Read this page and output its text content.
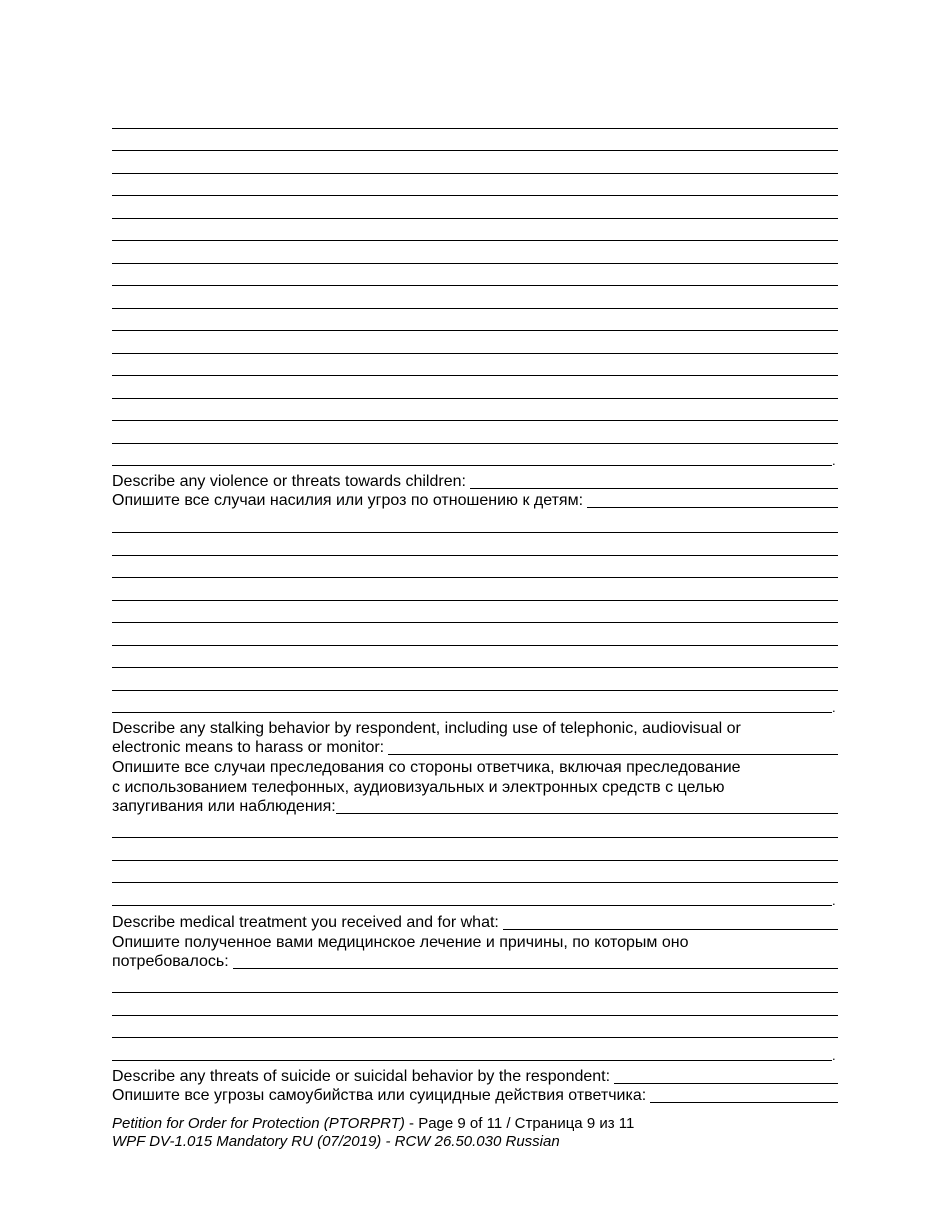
.
Describe any violence or threats towards children:
Опишите все случаи насилия или угроз по отношению к детям:
.
Describe any stalking behavior by respondent, including use of telephonic, audiovisual or
electronic means to harass or monitor:
Опишите все случаи преследования со стороны ответчика, включая преследование
с использованием телефонных, аудиовизуальных и электронных средств с целью
запугивания или наблюдения:
.
Describe medical treatment you received and for what:
Опишите полученное вами медицинское лечение и причины, по которым оно
потребовалось:
.
Describe any threats of suicide or suicidal behavior by the respondent:
Опишите все угрозы самоубийства или суицидные действия ответчика:
Petition for Order for Protection (PTORPRT) - Page 9 of 11 / Страница 9 из 11
WPF DV-1.015 Mandatory RU (07/2019) - RCW 26.50.030 Russian
